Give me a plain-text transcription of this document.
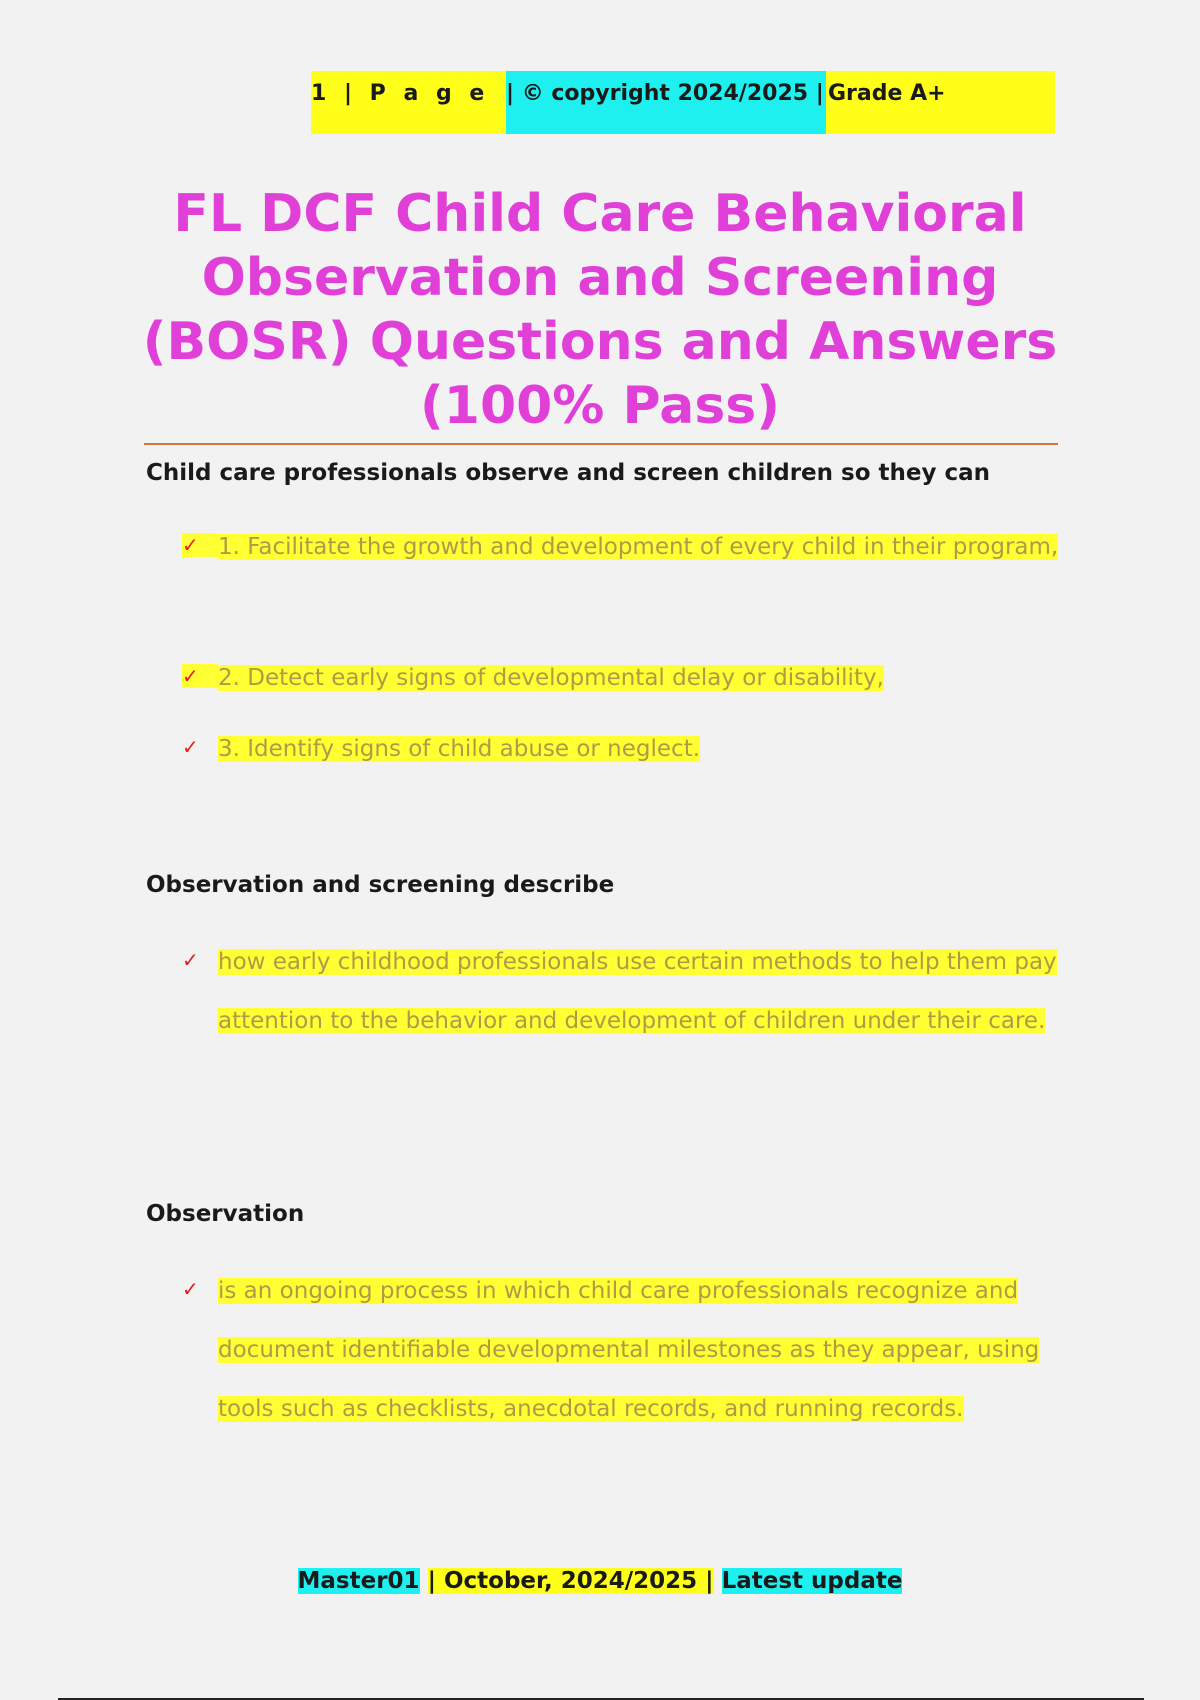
1 | P a g e | © copyright 2024/2025 | Grade A+
FL DCF Child Care Behavioral Observation and Screening (BOSR) Questions and Answers (100% Pass)
Child care professionals observe and screen children so they can
✓ 1. Facilitate the growth and development of every child in their program,
✓ 2. Detect early signs of developmental delay or disability,
✓ 3. Identify signs of child abuse or neglect.
Observation and screening describe
✓ how early childhood professionals use certain methods to help them pay attention to the behavior and development of children under their care.
Observation
✓ is an ongoing process in which child care professionals recognize and document identifiable developmental milestones as they appear, using tools such as checklists, anecdotal records, and running records.
Master01 | October, 2024/2025 | Latest update
